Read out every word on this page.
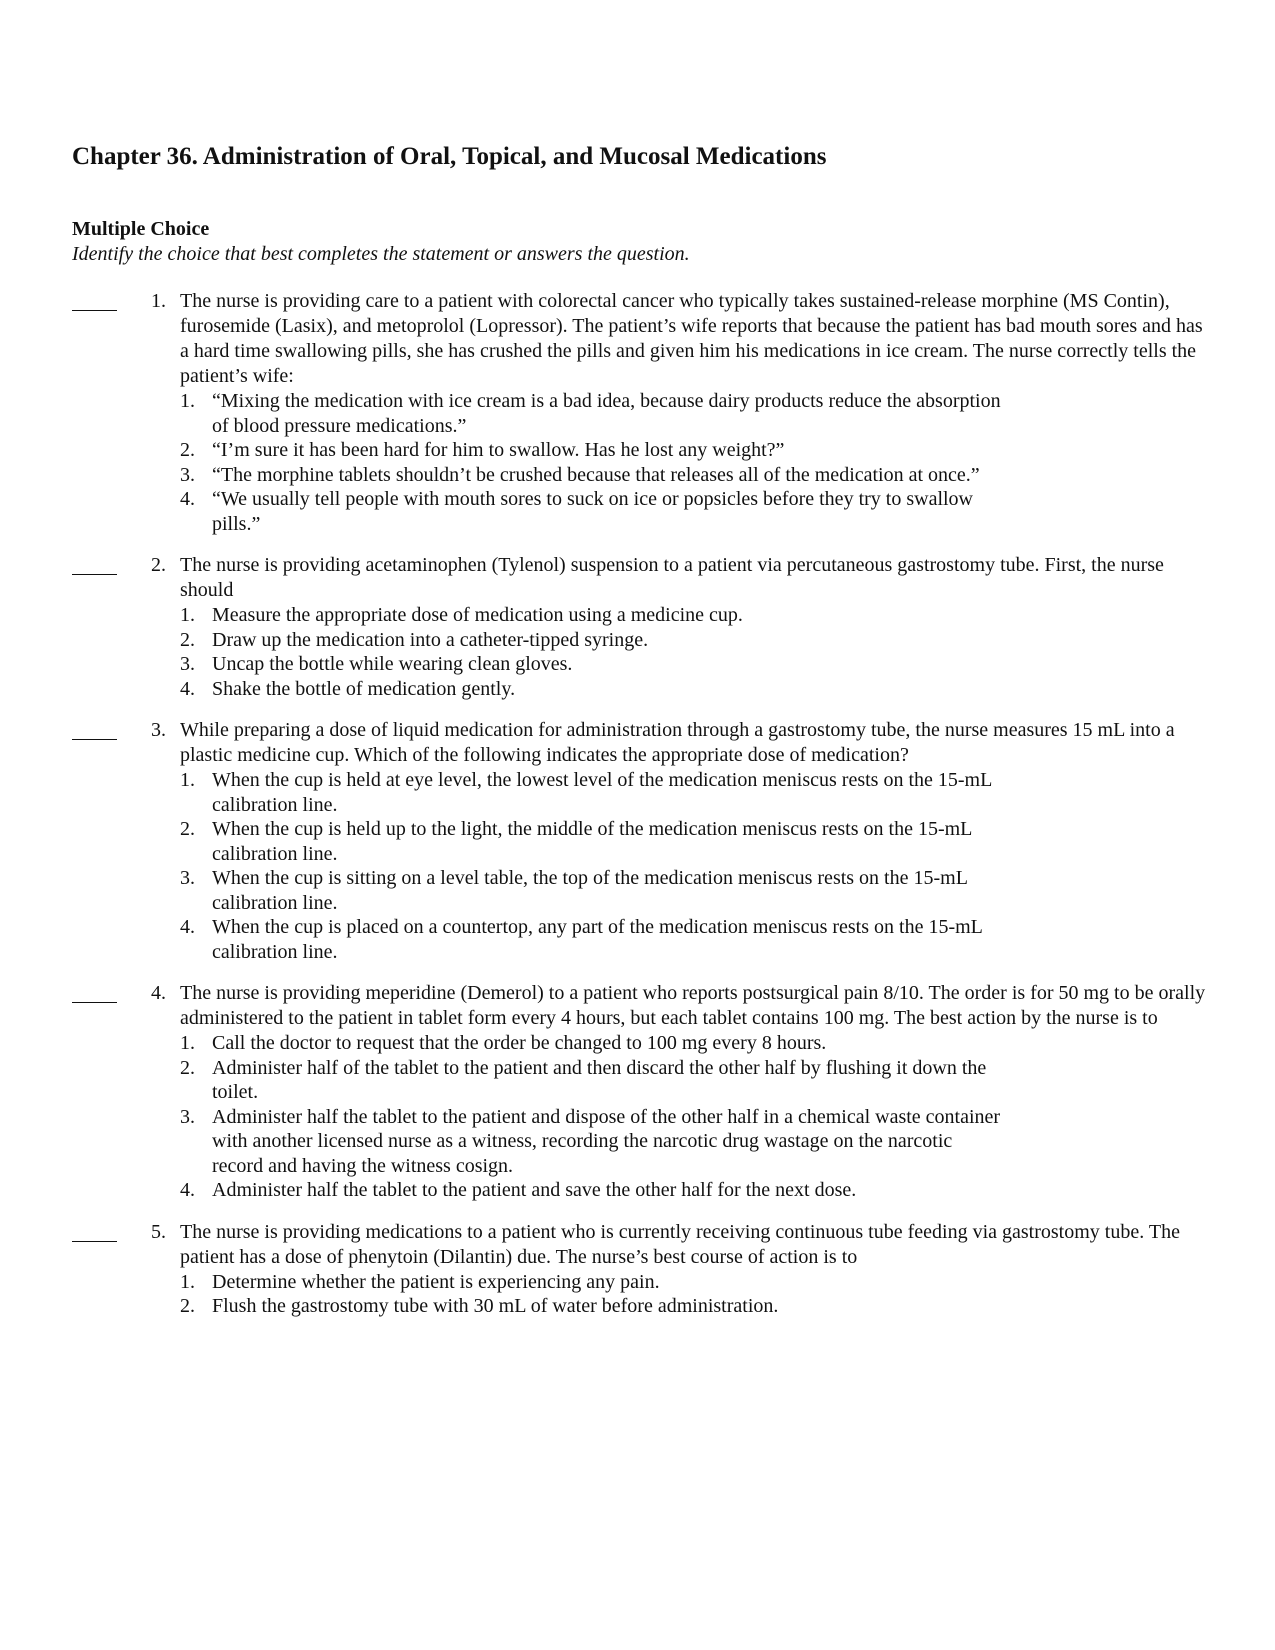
Chapter 36. Administration of Oral, Topical, and Mucosal Medications
Multiple Choice
Identify the choice that best completes the statement or answers the question.
1. The nurse is providing care to a patient with colorectal cancer who typically takes sustained-release morphine (MS Contin), furosemide (Lasix), and metoprolol (Lopressor). The patient’s wife reports that because the patient has bad mouth sores and has a hard time swallowing pills, she has crushed the pills and given him his medications in ice cream. The nurse correctly tells the patient’s wife:
1. “Mixing the medication with ice cream is a bad idea, because dairy products reduce the absorption of blood pressure medications.”
2. “I’m sure it has been hard for him to swallow. Has he lost any weight?”
3. “The morphine tablets shouldn’t be crushed because that releases all of the medication at once.”
4. “We usually tell people with mouth sores to suck on ice or popsicles before they try to swallow pills.”
2. The nurse is providing acetaminophen (Tylenol) suspension to a patient via percutaneous gastrostomy tube. First, the nurse should
1. Measure the appropriate dose of medication using a medicine cup.
2. Draw up the medication into a catheter-tipped syringe.
3. Uncap the bottle while wearing clean gloves.
4. Shake the bottle of medication gently.
3. While preparing a dose of liquid medication for administration through a gastrostomy tube, the nurse measures 15 mL into a plastic medicine cup. Which of the following indicates the appropriate dose of medication?
1. When the cup is held at eye level, the lowest level of the medication meniscus rests on the 15-mL calibration line.
2. When the cup is held up to the light, the middle of the medication meniscus rests on the 15-mL calibration line.
3. When the cup is sitting on a level table, the top of the medication meniscus rests on the 15-mL calibration line.
4. When the cup is placed on a countertop, any part of the medication meniscus rests on the 15-mL calibration line.
4. The nurse is providing meperidine (Demerol) to a patient who reports postsurgical pain 8/10. The order is for 50 mg to be orally administered to the patient in tablet form every 4 hours, but each tablet contains 100 mg. The best action by the nurse is to
1. Call the doctor to request that the order be changed to 100 mg every 8 hours.
2. Administer half of the tablet to the patient and then discard the other half by flushing it down the toilet.
3. Administer half the tablet to the patient and dispose of the other half in a chemical waste container with another licensed nurse as a witness, recording the narcotic drug wastage on the narcotic record and having the witness cosign.
4. Administer half the tablet to the patient and save the other half for the next dose.
5. The nurse is providing medications to a patient who is currently receiving continuous tube feeding via gastrostomy tube. The patient has a dose of phenytoin (Dilantin) due. The nurse’s best course of action is to
1. Determine whether the patient is experiencing any pain.
2. Flush the gastrostomy tube with 30 mL of water before administration.
